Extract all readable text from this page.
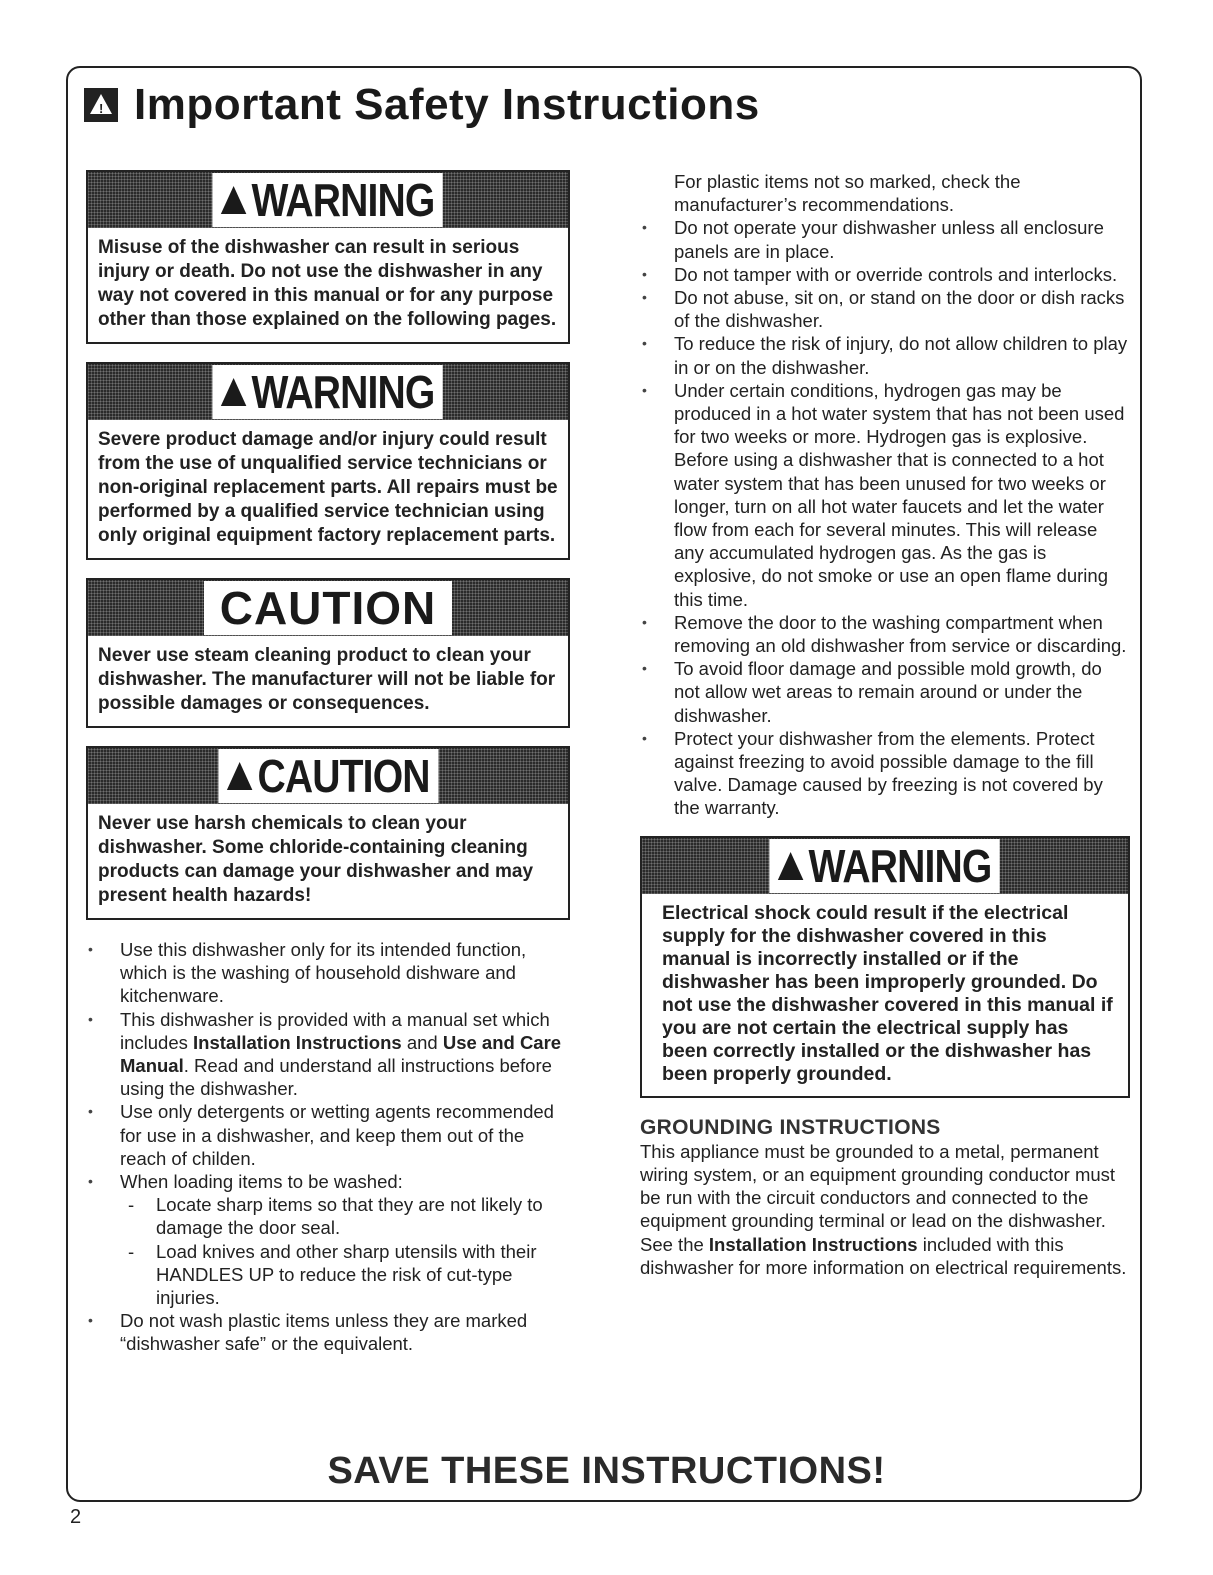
! Important Safety Instructions
WARNING
Misuse of the dishwasher can result in serious injury or death. Do not use the dishwasher in any way not covered in this manual or for any purpose other than those explained on the following pages.
WARNING
Severe product damage and/or injury could result from the use of unqualified service technicians or non-original replacement parts. All repairs must be performed by a qualified service technician using only original equipment factory replacement parts.
CAUTION
Never use steam cleaning product to clean your dishwasher. The manufacturer will not be liable for possible damages or consequences.
CAUTION
Never use harsh chemicals to clean your dishwasher. Some chloride-containing cleaning products can damage your dishwasher and may present health hazards!
• Use this dishwasher only for its intended function, which is the washing of household dishware and kitchenware.
• This dishwasher is provided with a manual set which includes Installation Instructions and Use and Care Manual. Read and understand all instructions before using the dishwasher.
• Use only detergents or wetting agents recommended for use in a dishwasher, and keep them out of the reach of childen.
• When loading items to be washed:
- Locate sharp items so that they are not likely to damage the door seal.
- Load knives and other sharp utensils with their HANDLES UP to reduce the risk of cut-type injuries.
• Do not wash plastic items unless they are marked “dishwasher safe” or the equivalent.
For plastic items not so marked, check the manufacturer’s recommendations.
• Do not operate your dishwasher unless all enclosure panels are in place.
• Do not tamper with or override controls and interlocks.
• Do not abuse, sit on, or stand on the door or dish racks of the dishwasher.
• To reduce the risk of injury, do not allow children to play in or on the dishwasher.
• Under certain conditions, hydrogen gas may be produced in a hot water system that has not been used for two weeks or more. Hydrogen gas is explosive. Before using a dishwasher that is connected to a hot water system that has been unused for two weeks or longer, turn on all hot water faucets and let the water flow from each for several minutes. This will release any accumulated hydrogen gas. As the gas is explosive, do not smoke or use an open flame during this time.
• Remove the door to the washing compartment when removing an old dishwasher from service or discarding.
• To avoid floor damage and possible mold growth, do not allow wet areas to remain around or under the dishwasher.
• Protect your dishwasher from the elements. Protect against freezing to avoid possible damage to the fill valve. Damage caused by freezing is not covered by the warranty.
WARNING
Electrical shock could result if the electrical supply for the dishwasher covered in this manual is incorrectly installed or if the dishwasher has been improperly grounded. Do not use the dishwasher covered in this manual if you are not certain the electrical supply has been correctly installed or the dishwasher has been properly grounded.
GROUNDING INSTRUCTIONS
This appliance must be grounded to a metal, permanent wiring system, or an equipment grounding conductor must be run with the circuit conductors and connected to the equipment grounding terminal or lead on the dishwasher. See the Installation Instructions included with this dishwasher for more information on electrical requirements.
SAVE THESE INSTRUCTIONS!
2
